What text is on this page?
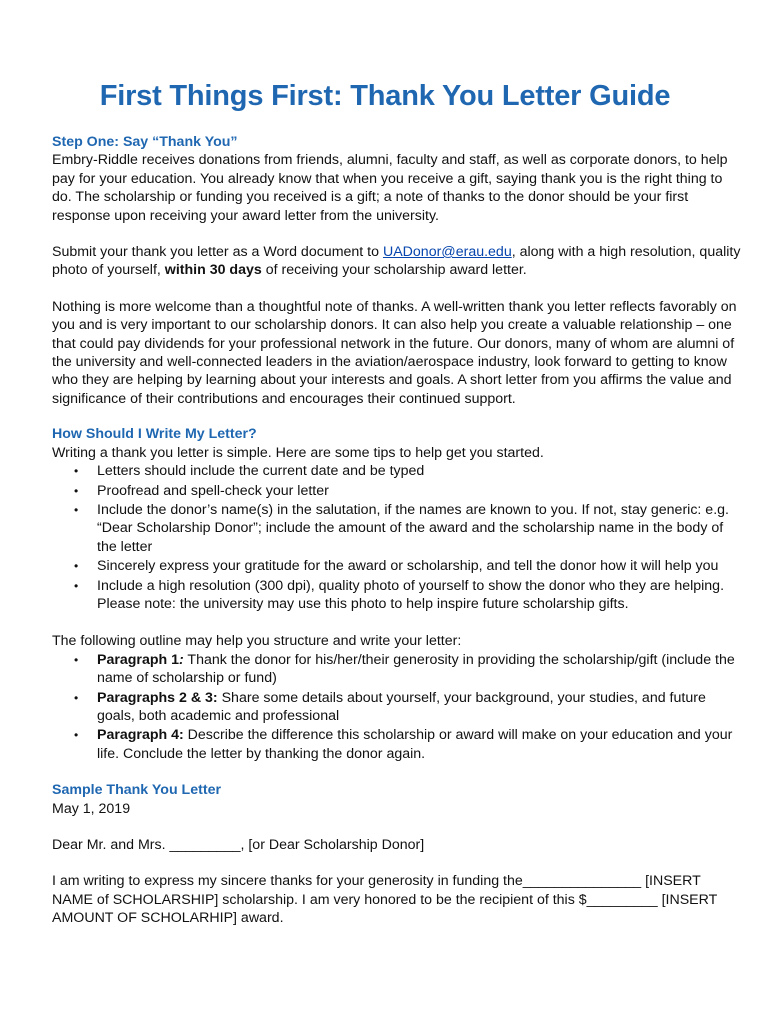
First Things First: Thank You Letter Guide

Step One: Say “Thank You”

Embry-Riddle receives donations from friends, alumni, faculty and staff, as well as corporate donors, to help pay for your education. You already know that when you receive a gift, saying thank you is the right thing to do. The scholarship or funding you received is a gift; a note of thanks to the donor should be your first response upon receiving your award letter from the university.

Submit your thank you letter as a Word document to UADonor@erau.edu, along with a high resolution, quality photo of yourself, within 30 days of receiving your scholarship award letter.

Nothing is more welcome than a thoughtful note of thanks. A well-written thank you letter reflects favorably on you and is very important to our scholarship donors. It can also help you create a valuable relationship – one that could pay dividends for your professional network in the future. Our donors, many of whom are alumni of the university and well-connected leaders in the aviation/aerospace industry, look forward to getting to know who they are helping by learning about your interests and goals. A short letter from you affirms the value and significance of their contributions and encourages their continued support.

How Should I Write My Letter?

Writing a thank you letter is simple. Here are some tips to help get you started.

• Letters should include the current date and be typed
• Proofread and spell-check your letter
• Include the donor’s name(s) in the salutation, if the names are known to you. If not, stay generic: e.g. “Dear Scholarship Donor”; include the amount of the award and the scholarship name in the body of the letter
• Sincerely express your gratitude for the award or scholarship, and tell the donor how it will help you
• Include a high resolution (300 dpi), quality photo of yourself to show the donor who they are helping. Please note: the university may use this photo to help inspire future scholarship gifts.

The following outline may help you structure and write your letter:

• Paragraph 1: Thank the donor for his/her/their generosity in providing the scholarship/gift (include the name of scholarship or fund)
• Paragraphs 2 & 3: Share some details about yourself, your background, your studies, and future goals, both academic and professional
• Paragraph 4: Describe the difference this scholarship or award will make on your education and your life. Conclude the letter by thanking the donor again.

Sample Thank You Letter

May 1, 2019

Dear Mr. and Mrs. _________, [or Dear Scholarship Donor]

I am writing to express my sincere thanks for your generosity in funding the_______________ [INSERT NAME of SCHOLARSHIP] scholarship. I am very honored to be the recipient of this $_________ [INSERT AMOUNT OF SCHOLARHIP] award.
